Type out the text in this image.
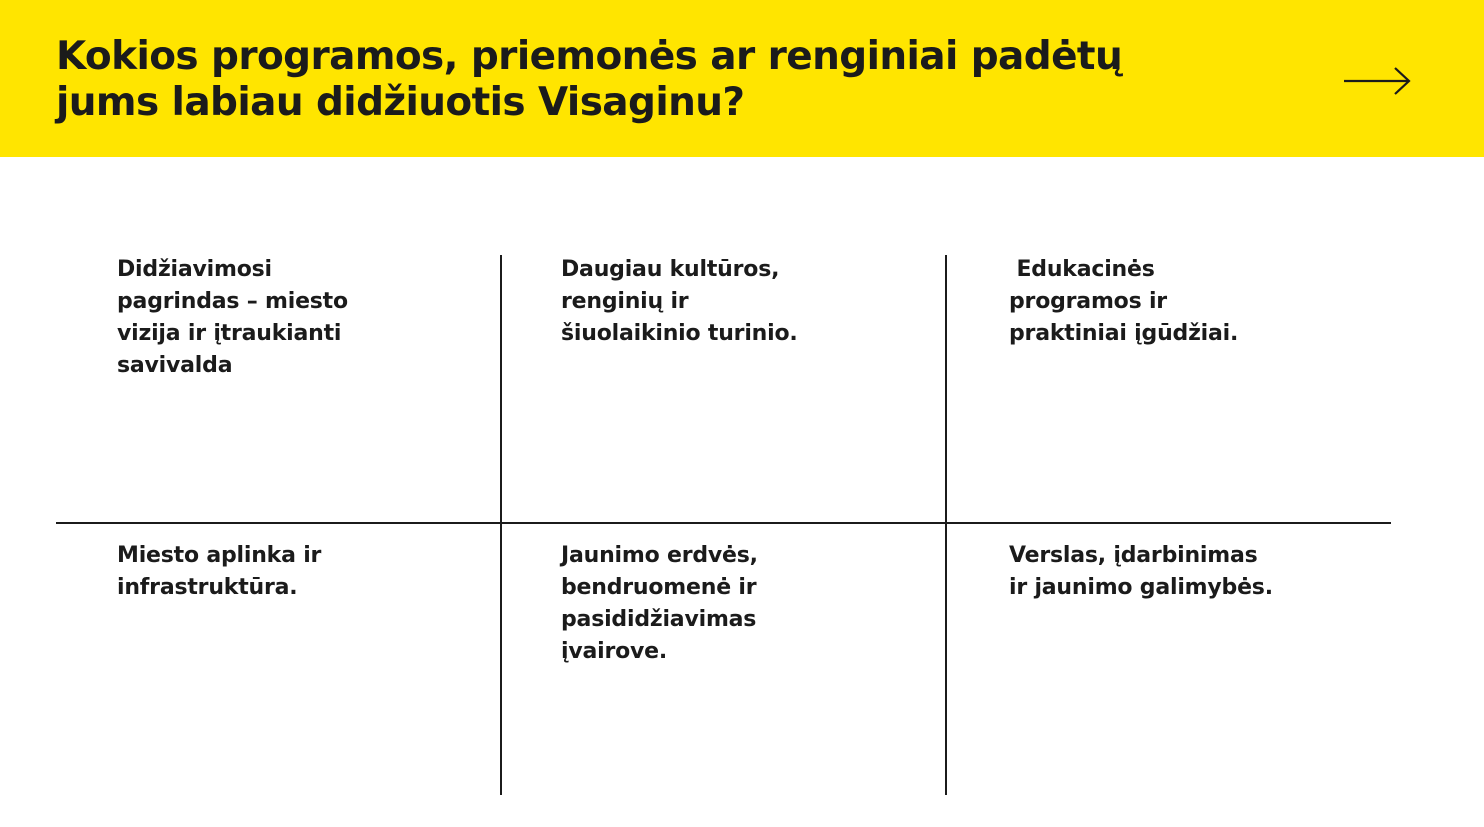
Kokios programos, priemonės ar renginiai padėtų
jums labiau didžiuotis Visaginu?
Didžiavimosi
pagrindas – miesto
vizija ir įtraukianti
savivalda
Daugiau kultūros,
renginių ir
šiuolaikinio turinio.
Edukacinės
programos ir
praktiniai įgūdžiai.
Miesto aplinka ir
infrastruktūra.
Jaunimo erdvės,
bendruomenė ir
pasididžiavimas
įvairove.
Verslas, įdarbinimas
ir jaunimo galimybės.
